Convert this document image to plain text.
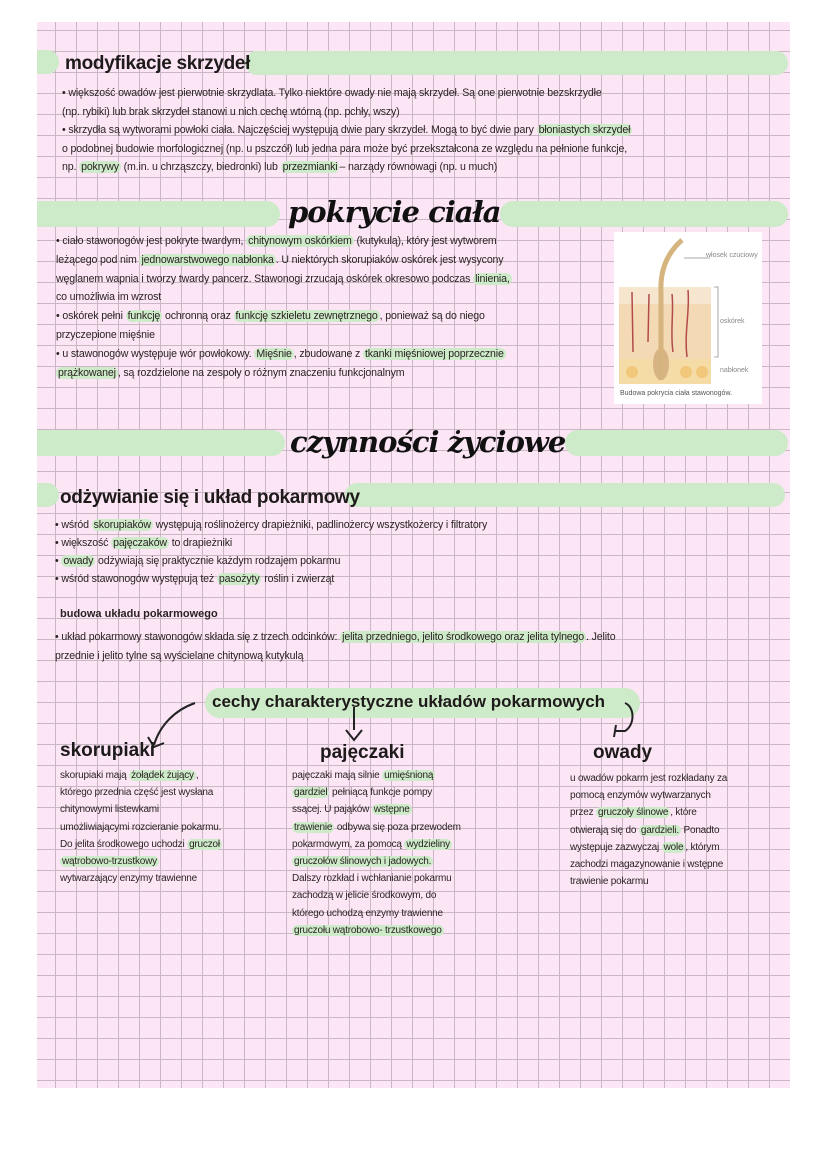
modyfikacje skrzydeł
• większość owadów jest pierwotnie skrzydlata. Tylko niektóre owady nie mają skrzydeł. Są one pierwotnie bezskrzydłe
(np. rybiki) lub brak skrzydeł stanowi u nich cechę wtórną (np. pchły, wszy)
• skrzydła są wytworami powłoki ciała. Najczęściej występują dwie pary skrzydeł. Mogą to być dwie pary błoniastych skrzydeł
o podobnej budowie morfologicznej (np. u pszczół) lub jedna para może być przekształcona ze względu na pełnione funkcje,
np. pokrywy (m.in. u chrząszczy, biedronki) lub przezmianki – narządy równowagi (np. u much)
pokrycie ciała
• ciało stawonogów jest pokryte twardym, chitynowym oskórkiem (kutykulą), który jest wytworem
leżącego pod nim jednowarstwowego nabłonka . U niektórych skorupiaków oskórek jest wysycony
węglanem wapnia i tworzy twardy pancerz. Stawonogi zrzucają oskórek okresowo podczas linienia,
co umożliwia im wzrost
• oskórek pełni funkcję ochronną oraz funkcję szkieletu zewnętrznego , ponieważ są do niego
przyczepione mięśnie
• u stawonogów występuje wór powłokowy. Mięśnie , zbudowane z tkanki mięśniowej poprzecznie
prążkowanej , są rozdzielone na zespoły o różnym znaczeniu funkcjonalnym
włosek czuciowy
oskórek
nabłonek
Budowa pokrycia ciała stawonogów.
czynności życiowe
odżywianie się i układ pokarmowy
• wśród skorupiaków występują roślinożercy drapieżniki, padlinożercy wszystkożercy i filtratory
• większość pajęczaków to drapieżniki
• owady odżywiają się praktycznie każdym rodzajem pokarmu
• wśród stawonogów występują też pasożyty roślin i zwierząt
budowa układu pokarmowego
• układ pokarmowy stawonogów składa się z trzech odcinków: jelita przedniego, jelito środkowego oraz jelita tylnego . Jelito
przednie i jelito tylne są wyścielane chitynową kutykulą
cechy charakterystyczne układów pokarmowych
skorupiaki
skorupiaki mają żołądek żujący ,
którego przednia część jest wysłana
chitynowymi listewkami
umożliwiającymi rozcieranie pokarmu.
Do jelita środkowego uchodzi gruczoł
wątrobowo-trzustkowy
wytwarzający enzymy trawienne
pajęczaki
pajęczaki mają silnie umięśnioną
gardziel pełniącą funkcje pompy
ssącej. U pająków wstępne
trawienie odbywa się poza przewodem
pokarmowym, za pomocą wydzieliny
gruczołów ślinowych i jadowych.
Dalszy rozkład i wchłanianie pokarmu
zachodzą w jelicie środkowym, do
którego uchodzą enzymy trawienne
gruczołu wątrobowo- trzustkowego
owady
u owadów pokarm jest rozkładany za
pomocą enzymów wytwarzanych
przez gruczoły ślinowe , które
otwierają się do gardzieli. Ponadto
występuje zazwyczaj wole , którym
zachodzi magazynowanie i wstępne
trawienie pokarmu
